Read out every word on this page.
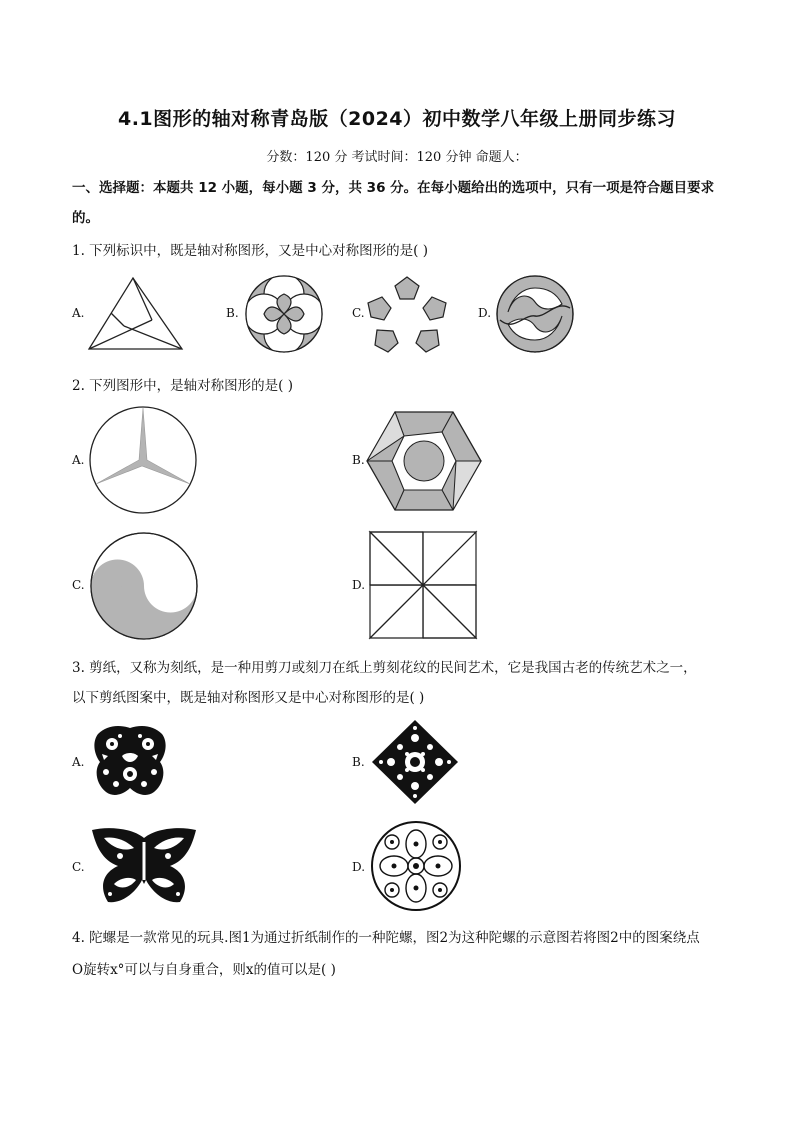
4.1图形的轴对称青岛版（2024）初中数学八年级上册同步练习
分数：120 分 考试时间：120 分钟 命题人：
一、选择题：本题共 12 小题，每小题 3 分，共 36 分。在每小题给出的选项中，只有一项是符合题目要求
的。
1. 下列标识中，既是轴对称图形，又是中心对称图形的是( )
A.	B.	C.	D.
2. 下列图形中，是轴对称图形的是( )
A.	B.
C.	D.
3. 剪纸，又称为刻纸，是一种用剪刀或刻刀在纸上剪刻花纹的民间艺术，它是我国古老的传统艺术之一，
以下剪纸图案中，既是轴对称图形又是中心对称图形的是( )
A.	B.
C.	D.
4. 陀螺是一款常见的玩具.图1为通过折纸制作的一种陀螺，图2为这种陀螺的示意图若将图2中的图案绕点
O旋转x°可以与自身重合，则x的值可以是( )
